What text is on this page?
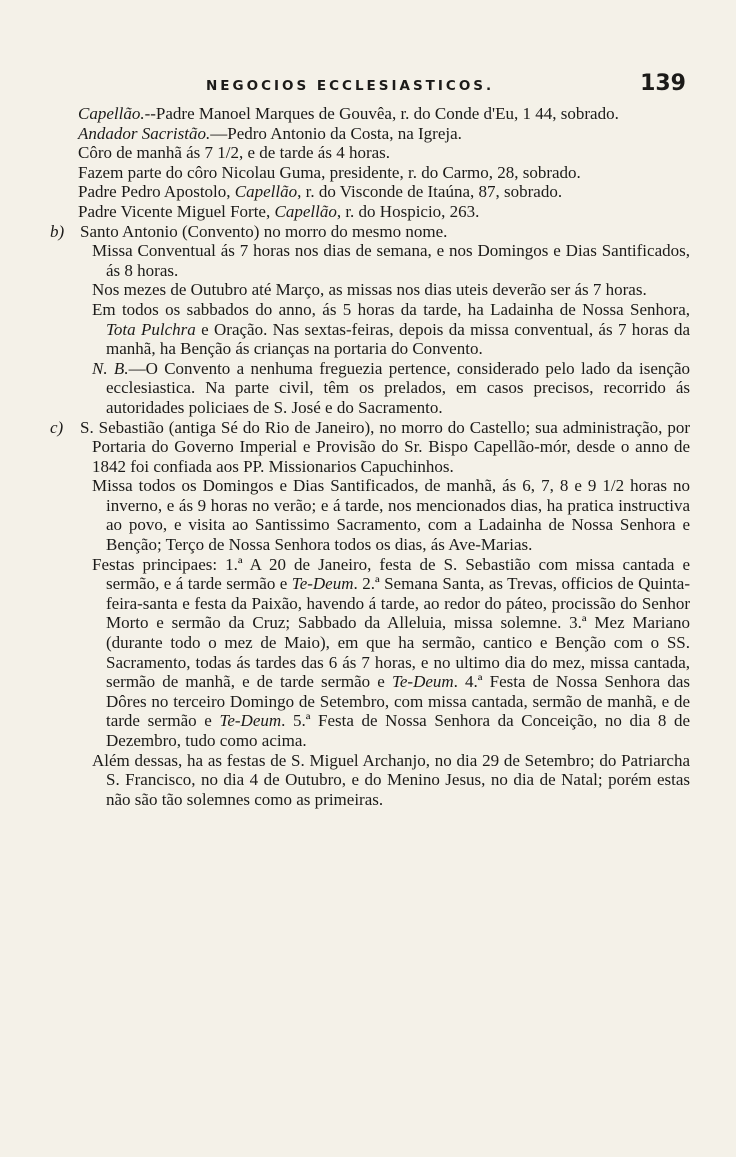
NEGOCIOS ECCLESIASTICOS.	139

Capellão.--Padre Manoel Marques de Gouvêa, r. do Conde d'Eu, 1 44, sobrado.

Andador Sacristão.—Pedro Antonio da Costa, na Igreja.

Côro de manhã ás 7 1/2, e de tarde ás 4 horas.

Fazem parte do côro Nicolau Guma, presidente, r. do Carmo, 28, sobrado.

Padre Pedro Apostolo, Capellão, r. do Visconde de Itaúna, 87, sobrado.

Padre Vicente Miguel Forte, Capellão, r. do Hospicio, 263.

b) Santo Antonio (Convento) no morro do mesmo nome.

Missa Conventual ás 7 horas nos dias de semana, e nos Domingos e Dias Santificados, ás 8 horas.

Nos mezes de Outubro até Março, as missas nos dias uteis deverão ser ás 7 horas.

Em todos os sabbados do anno, ás 5 horas da tarde, ha Ladainha de Nossa Senhora, Tota Pulchra e Oração. Nas sextas-feiras, depois da missa conventual, ás 7 horas da manhã, ha Benção ás crianças na portaria do Convento.

N. B.—O Convento a nenhuma freguezia pertence, considerado pelo lado da isenção ecclesiastica. Na parte civil, têm os prelados, em casos precisos, recorrido ás autoridades policiaes de S. José e do Sacramento.

c) S. Sebastião (antiga Sé do Rio de Janeiro), no morro do Castello; sua administração, por Portaria do Governo Imperial e Provisão do Sr. Bispo Capellão-mór, desde o anno de 1842 foi confiada aos PP. Missionarios Capuchinhos.

Missa todos os Domingos e Dias Santificados, de manhã, ás 6, 7, 8 e 9 1/2 horas no inverno, e ás 9 horas no verão; e á tarde, nos mencionados dias, ha pratica instructiva ao povo, e visita ao Santissimo Sacramento, com a Ladainha de Nossa Senhora e Benção; Terço de Nossa Senhora todos os dias, ás Ave-Marias.

Festas principaes: 1.ª A 20 de Janeiro, festa de S. Sebastião com missa cantada e sermão, e á tarde sermão e Te-Deum. 2.ª Semana Santa, as Trevas, officios de Quinta-feira-santa e festa da Paixão, havendo á tarde, ao redor do páteo, procissão do Senhor Morto e sermão da Cruz; Sabbado da Alleluia, missa solemne. 3.ª Mez Mariano (durante todo o mez de Maio), em que ha sermão, cantico e Benção com o SS. Sacramento, todas ás tardes das 6 ás 7 horas, e no ultimo dia do mez, missa cantada, sermão de manhã, e de tarde sermão e Te-Deum. 4.ª Festa de Nossa Senhora das Dôres no terceiro Domingo de Setembro, com missa cantada, sermão de manhã, e de tarde sermão e Te-Deum. 5.ª Festa de Nossa Senhora da Conceição, no dia 8 de Dezembro, tudo como acima.

Além dessas, ha as festas de S. Miguel Archanjo, no dia 29 de Setembro; do Patriarcha S. Francisco, no dia 4 de Outubro, e do Menino Jesus, no dia de Natal; porém estas não são tão solemnes como as primeiras.
